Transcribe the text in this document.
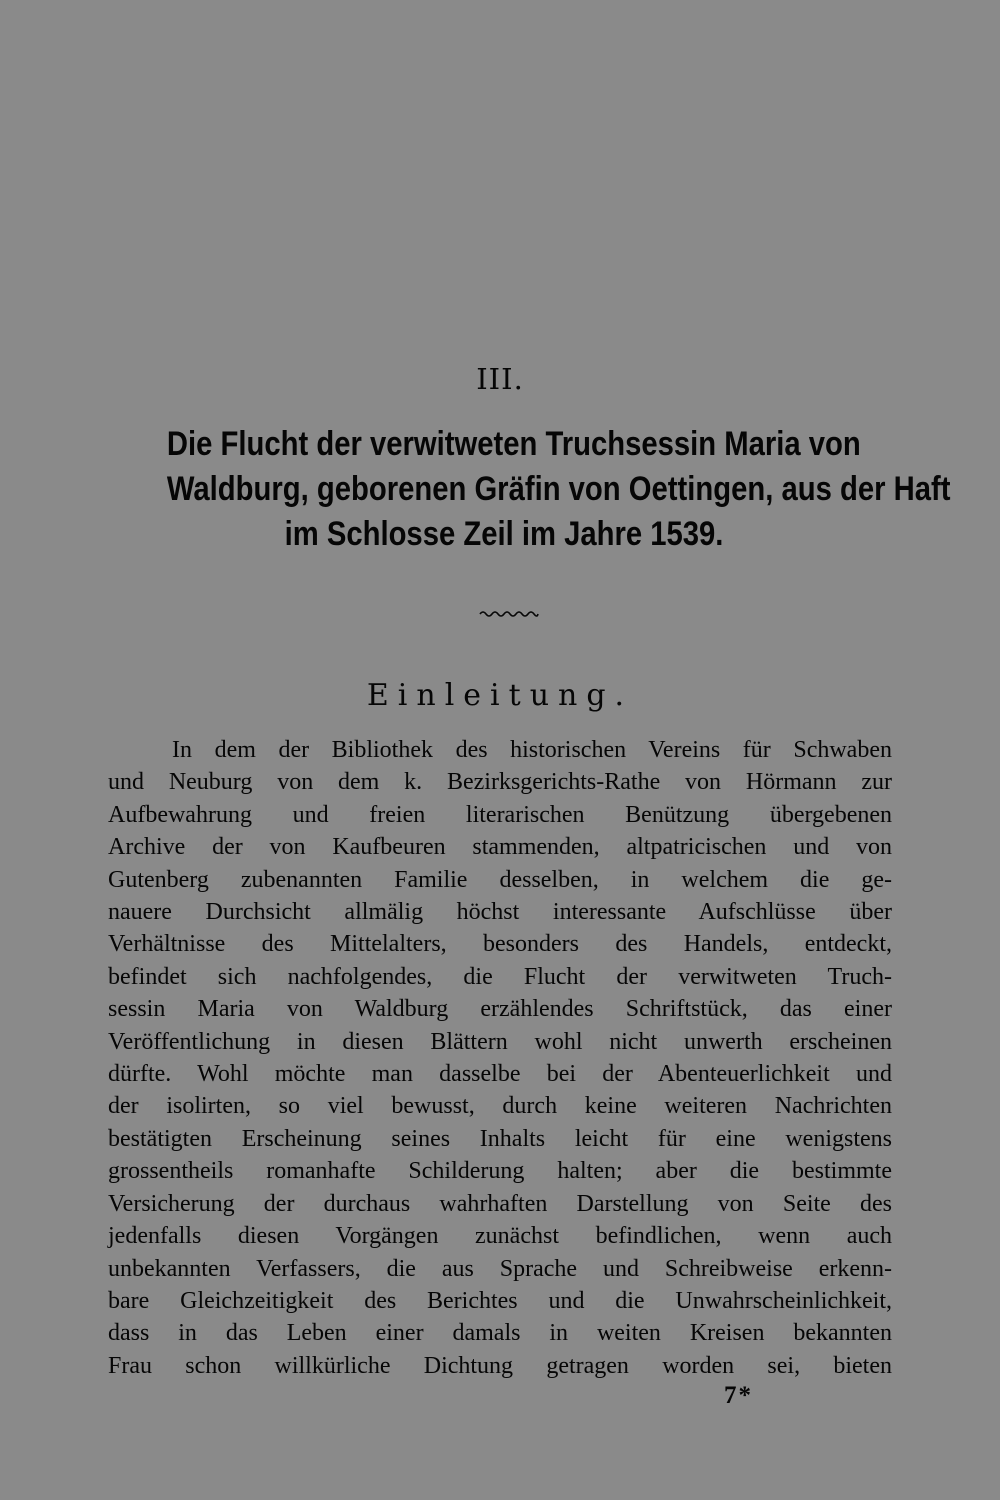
III.
Die Flucht der verwitweten Truchsessin Maria von
Waldburg, geborenen Gräfin von Oettingen, aus der Haft
im Schlosse Zeil im Jahre 1539.
Einleitung.
In dem der Bibliothek des historischen Vereins für Schwaben
und Neuburg von dem k. Bezirksgerichts-Rathe von Hörmann zur
Aufbewahrung und freien literarischen Benützung übergebenen
Archive der von Kaufbeuren stammenden, altpatricischen und von
Gutenberg zubenannten Familie desselben, in welchem die ge-
nauere Durchsicht allmälig höchst interessante Aufschlüsse über
Verhältnisse des Mittelalters, besonders des Handels, entdeckt,
befindet sich nachfolgendes, die Flucht der verwitweten Truch-
sessin Maria von Waldburg erzählendes Schriftstück, das einer
Veröffentlichung in diesen Blättern wohl nicht unwerth erscheinen
dürfte. Wohl möchte man dasselbe bei der Abenteuerlichkeit und
der isolirten, so viel bewusst, durch keine weiteren Nachrichten
bestätigten Erscheinung seines Inhalts leicht für eine wenigstens
grossentheils romanhafte Schilderung halten; aber die bestimmte
Versicherung der durchaus wahrhaften Darstellung von Seite des
jedenfalls diesen Vorgängen zunächst befindlichen, wenn auch
unbekannten Verfassers, die aus Sprache und Schreibweise erkenn-
bare Gleichzeitigkeit des Berichtes und die Unwahrscheinlichkeit,
dass in das Leben einer damals in weiten Kreisen bekannten
Frau schon willkürliche Dichtung getragen worden sei, bieten
7*
